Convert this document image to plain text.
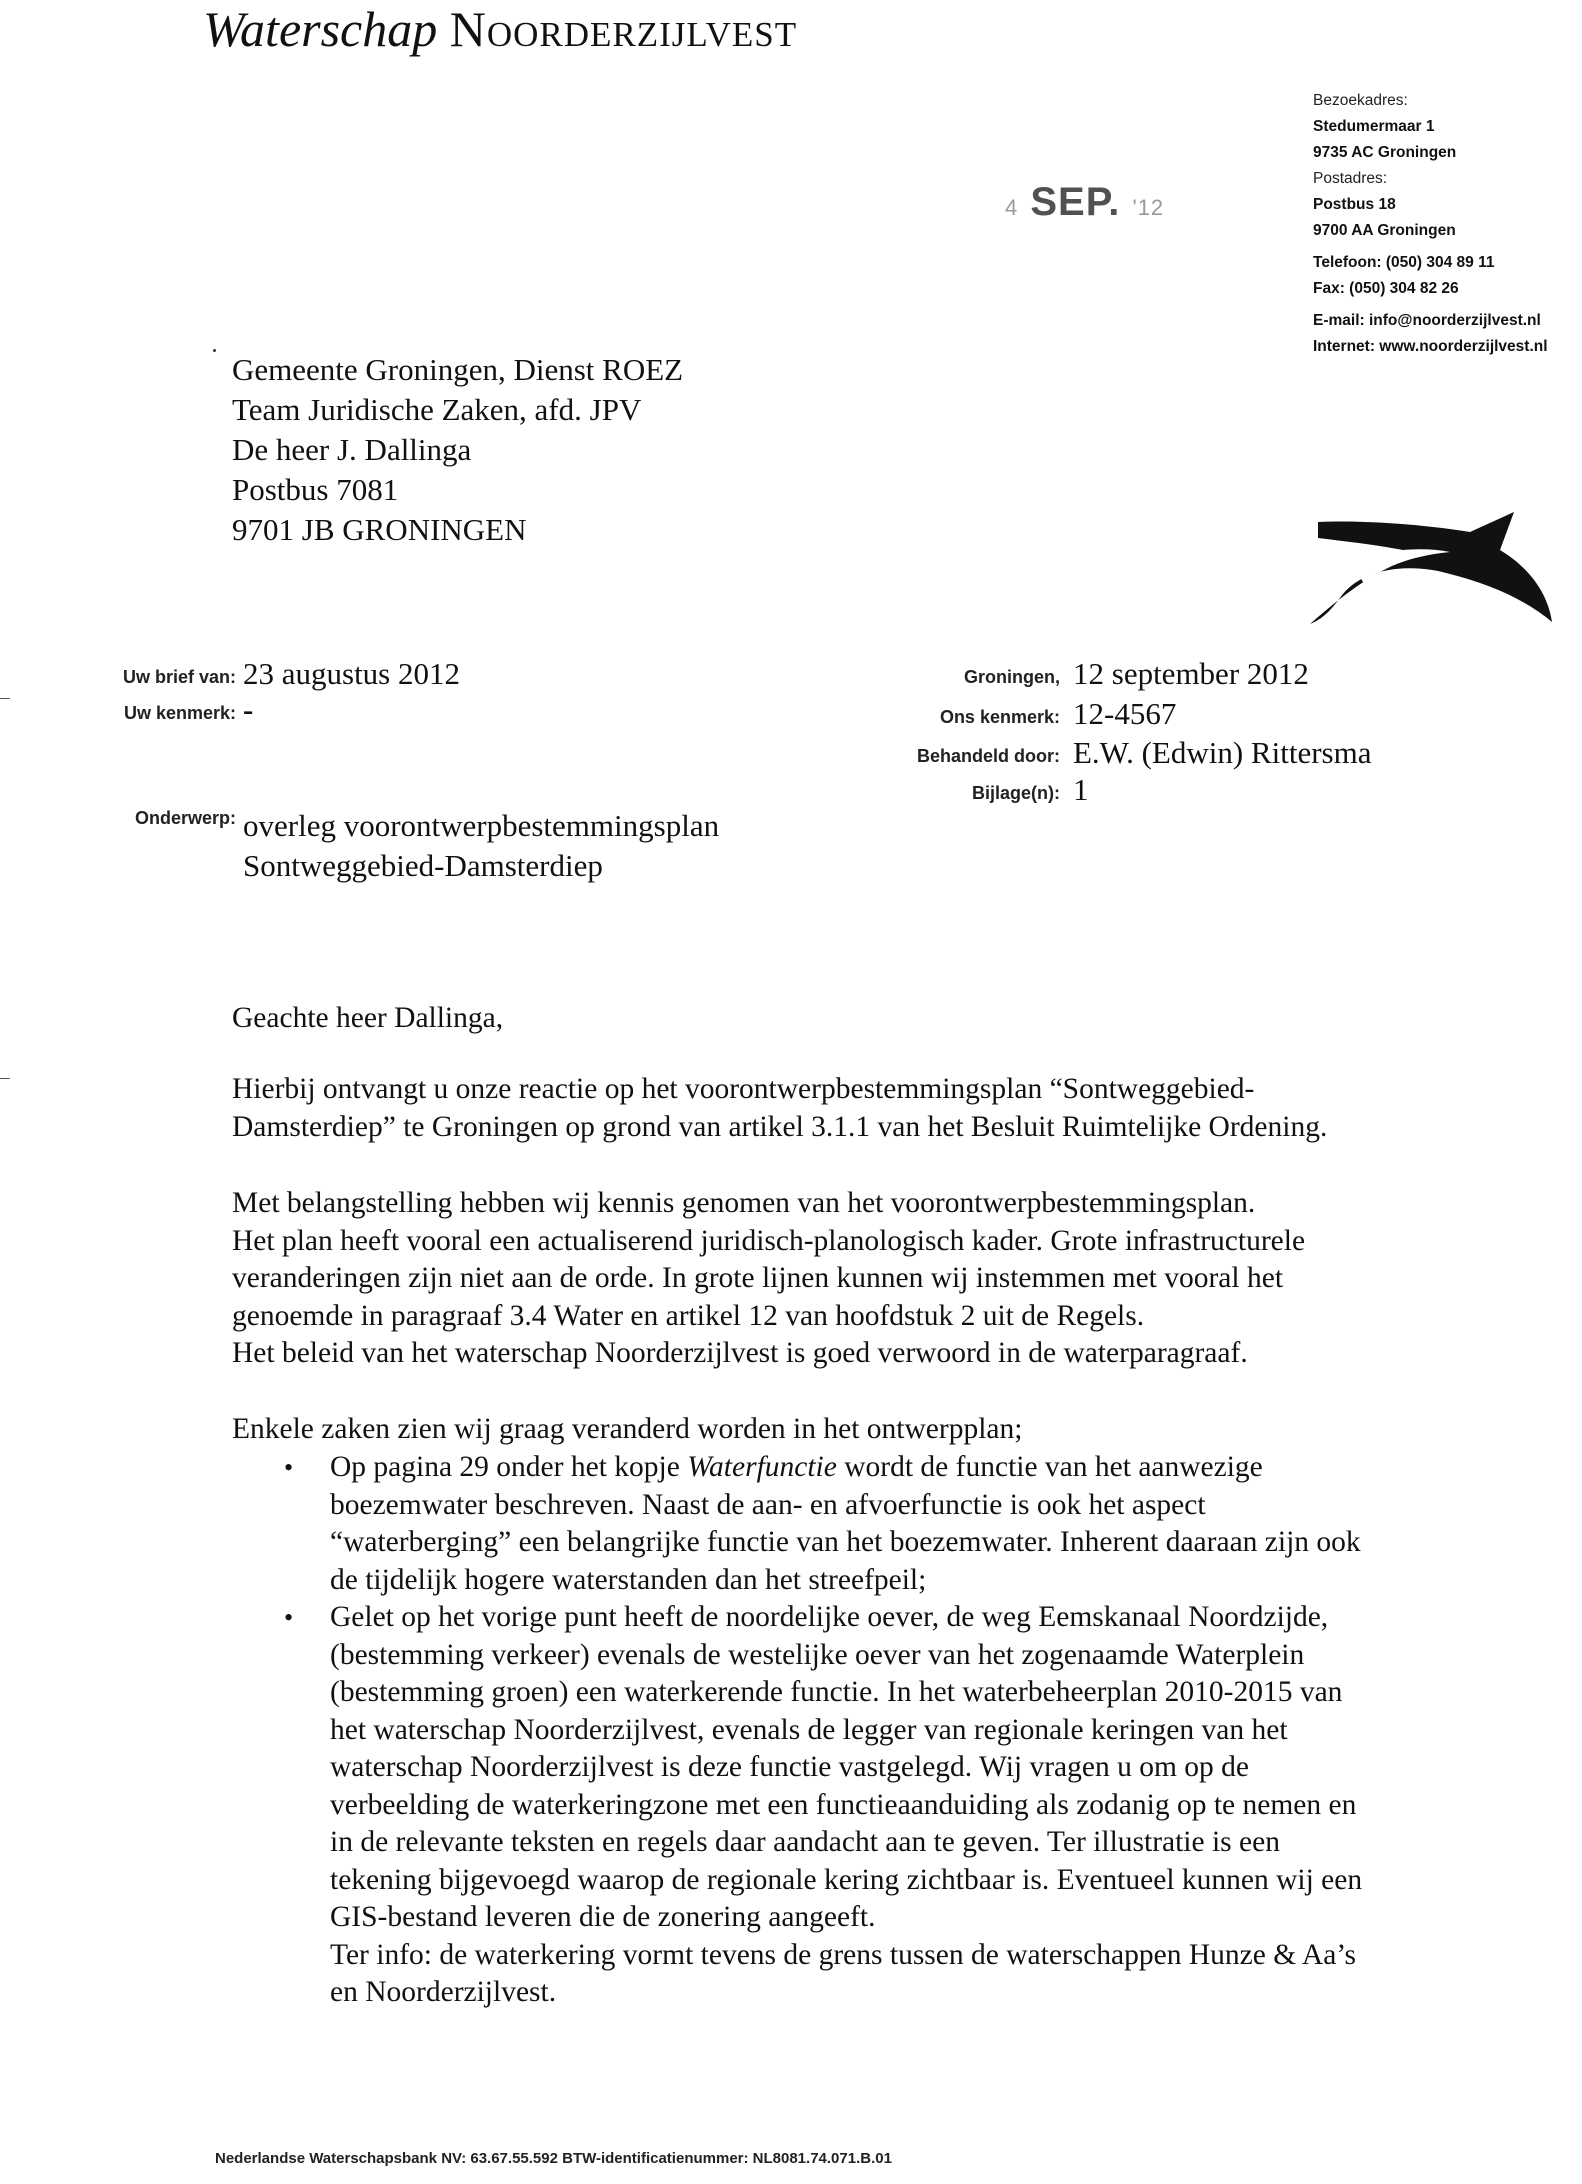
Waterschap Noorderzijlvest
4 SEP. '12
Bezoekadres:
Stedumermaar 1
9735 AC Groningen
Postadres:
Postbus 18
9700 AA Groningen
Telefoon: (050) 304 89 11
Fax: (050) 304 82 26
E-mail: info@noorderzijlvest.nl
Internet: www.noorderzijlvest.nl
Gemeente Groningen, Dienst ROEZ
Team Juridische Zaken, afd. JPV
De heer J. Dallinga
Postbus 7081
9701 JB GRONINGEN
Uw brief van: 23 augustus 2012
Uw kenmerk: -
Onderwerp: overleg voorontwerpbestemmingsplan
Sontweggebied-Damsterdiep
Groningen, 12 september 2012
Ons kenmerk: 12-4567
Behandeld door: E.W. (Edwin) Rittersma
Bijlage(n): 1

Geachte heer Dallinga,

Hierbij ontvangt u onze reactie op het voorontwerpbestemmingsplan “Sontweggebied-

Damsterdiep” te Groningen op grond van artikel 3.1.1 van het Besluit Ruimtelijke Ordening.

Met belangstelling hebben wij kennis genomen van het voorontwerpbestemmingsplan.

Het plan heeft vooral een actualiserend juridisch-planologisch kader. Grote infrastructurele

veranderingen zijn niet aan de orde. In grote lijnen kunnen wij instemmen met vooral het

genoemde in paragraaf 3.4 Water en artikel 12 van hoofdstuk 2 uit de Regels.

Het beleid van het waterschap Noorderzijlvest is goed verwoord in de waterparagraaf.

Enkele zaken zien wij graag veranderd worden in het ontwerpplan;

• Op pagina 29 onder het kopje Waterfunctie wordt de functie van het aanwezige

boezemwater beschreven. Naast de aan- en afvoerfunctie is ook het aspect

“waterberging” een belangrijke functie van het boezemwater. Inherent daaraan zijn ook

de tijdelijk hogere waterstanden dan het streefpeil;

• Gelet op het vorige punt heeft de noordelijke oever, de weg Eemskanaal Noordzijde,

(bestemming verkeer) evenals de westelijke oever van het zogenaamde Waterplein

(bestemming groen) een waterkerende functie. In het waterbeheerplan 2010-2015 van

het waterschap Noorderzijlvest, evenals de legger van regionale keringen van het

waterschap Noorderzijlvest is deze functie vastgelegd. Wij vragen u om op de

verbeelding de waterkeringzone met een functieaanduiding als zodanig op te nemen en

in de relevante teksten en regels daar aandacht aan te geven. Ter illustratie is een

tekening bijgevoegd waarop de regionale kering zichtbaar is. Eventueel kunnen wij een

GIS-bestand leveren die de zonering aangeeft.

Ter info: de waterkering vormt tevens de grens tussen de waterschappen Hunze & Aa’s

en Noorderzijlvest.

Nederlandse Waterschapsbank NV: 63.67.55.592 BTW-identificatienummer: NL8081.74.071.B.01
